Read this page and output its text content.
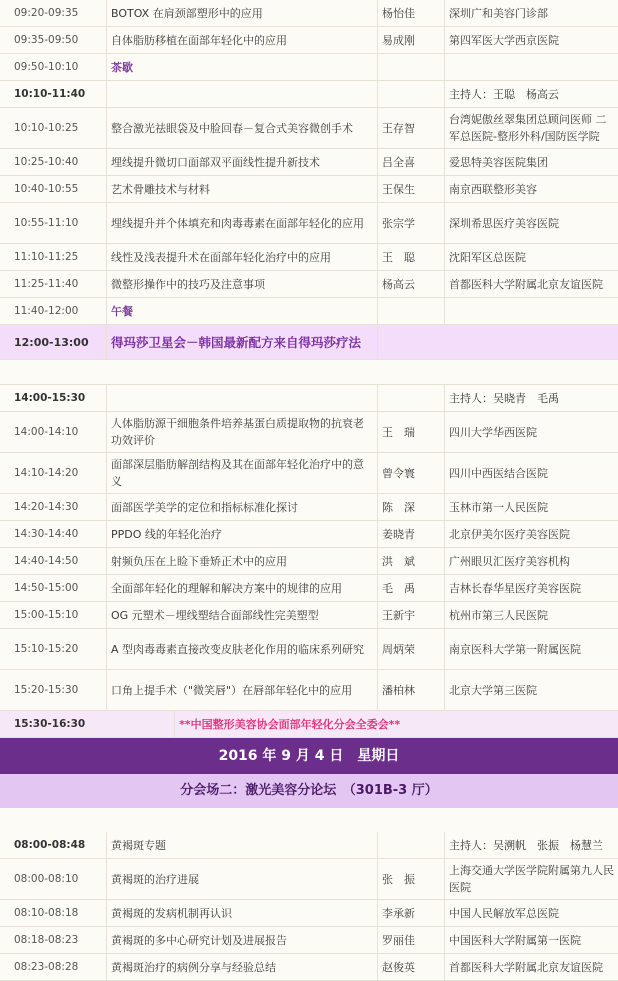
09:20-09:35	BOTOX 在肩颈部塑形中的应用	杨怡佳	深圳广和美容门诊部
09:35-09:50	自体脂肪移植在面部年轻化中的应用	易成刚	第四军医大学西京医院
09:50-10:10	茶歇		
10:10-11:40			主持人：王聪　杨高云
10:10-10:25	整合激光祛眼袋及中脸回春－复合式美容微创手术	王存智	台湾妮傲丝翠集团总顾问医师 二军总医院-整形外科/国防医学院
10:25-10:40	埋线提升微切口面部双平面线性提升新技术	吕全喜	爱思特美容医院集团
10:40-10:55	艺术骨雕技术与材料	王保生	南京西联整形美容
10:55-11:10	埋线提升并个体填充和肉毒毒素在面部年轻化的应用	张宗学	深圳希思医疗美容医院
11:10-11:25	线性及浅表提升术在面部年轻化治疗中的应用	王　聪	沈阳军区总医院
11:25-11:40	微整形操作中的技巧及注意事项	杨高云	首都医科大学附属北京友谊医院
11:40-12:00	午餐		
12:00-13:00	得玛莎卫星会－韩国最新配方来自得玛莎疗法	

14:00-15:30			主持人：吴晓青　毛禹
14:00-14:10	人体脂肪源干细胞条件培养基蛋白质提取物的抗衰老功效评价	王　瑞	四川大学华西医院
14:10-14:20	面部深层脂肪解剖结构及其在面部年轻化治疗中的意义	曾令寰	四川中西医结合医院
14:20-14:30	面部医学美学的定位和指标标准化探讨	陈　深	玉林市第一人民医院
14:30-14:40	PPDO 线的年轻化治疗	姜晓青	北京伊美尔医疗美容医院
14:40-14:50	射频负压在上睑下垂矫正术中的应用	洪　斌	广州眼贝汇医疗美容机构
14:50-15:00	全面部年轻化的理解和解决方案中的规律的应用	毛　禹	吉林长春华星医疗美容医院
15:00-15:10	OG 元塑术－埋线塑结合面部线性完美塑型	王新宇	杭州市第三人民医院
15:10-15:20	A 型肉毒毒素直接改变皮肤老化作用的临床系列研究	周炳荣	南京医科大学第一附属医院
15:20-15:30	口角上提手术（"微笑唇"）在唇部年轻化中的应用	潘柏林	北京大学第三医院
15:30-16:30	**中国整形美容协会面部年轻化分会全委会**
2016 年 9 月 4 日　星期日
分会场二：激光美容分论坛　（301B-3 厅）
08:00-08:48	黄褐斑专题		主持人：吴溯帆　张振　杨慧兰
08:00-08:10	黄褐斑的治疗进展	张　振	上海交通大学医学院附属第九人民医院
08:10-08:18	黄褐斑的发病机制再认识	李承新	中国人民解放军总医院
08:18-08:23	黄褐斑的多中心研究计划及进展报告	罗丽佳	中国医科大学附属第一医院
08:23-08:28	黄褐斑治疗的病例分享与经验总结	赵俊英	首都医科大学附属北京友谊医院
